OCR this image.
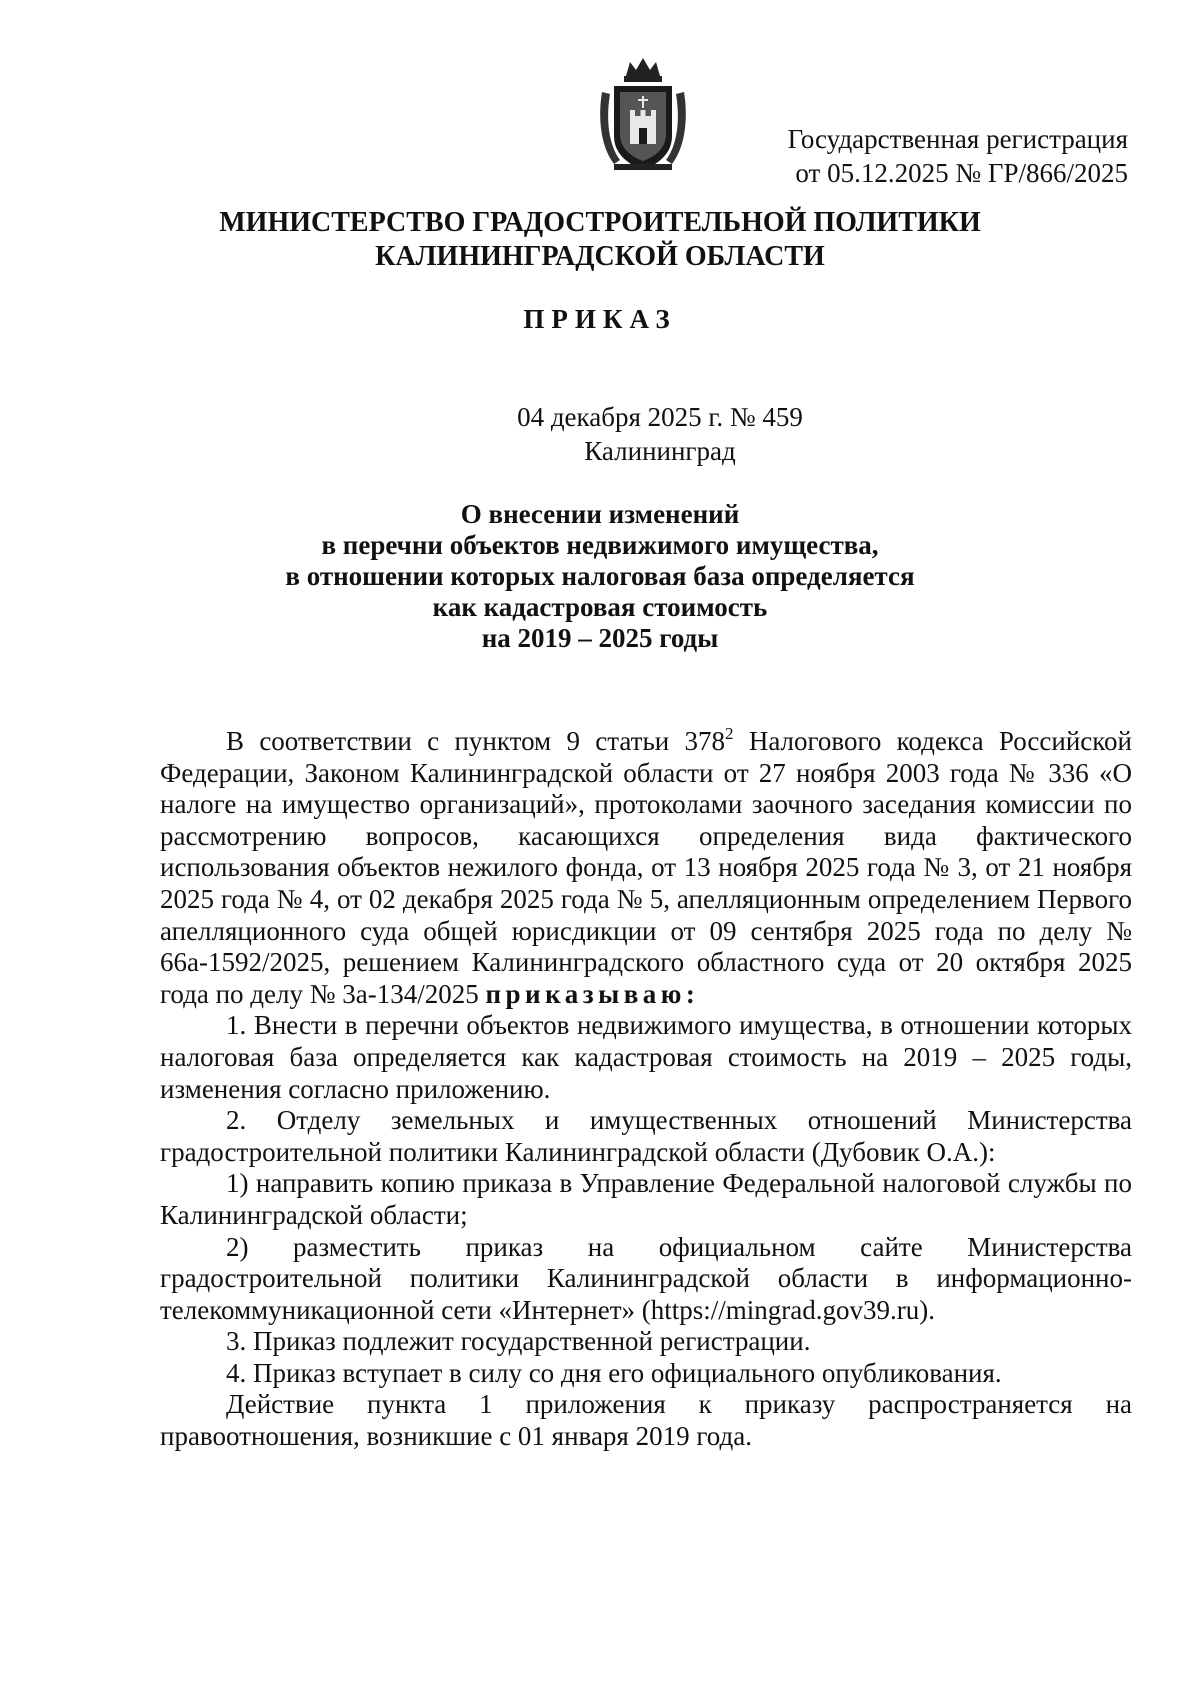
Государственная регистрация
от 05.12.2025 № ГР/866/2025
МИНИСТЕРСТВО ГРАДОСТРОИТЕЛЬНОЙ ПОЛИТИКИ
КАЛИНИНГРАДСКОЙ ОБЛАСТИ
ПРИКАЗ
04 декабря 2025 г. № 459
Калининград
О внесении изменений
в перечни объектов недвижимого имущества,
в отношении которых налоговая база определяется
как кадастровая стоимость
на 2019 – 2025 годы

В соответствии с пунктом 9 статьи $378^2$ Налогового кодекса Российской Федерации, Законом Калининградской области от 27 ноября 2003 года № 336 «О налоге на имущество организаций», протоколами заочного заседания комиссии по рассмотрению вопросов, касающихся определения вида фактического использования объектов нежилого фонда, от 13 ноября 2025 года № 3, от 21 ноября 2025 года № 4, от 02 декабря 2025 года № 5, апелляционным определением Первого апелляционного суда общей юрисдикции от 09 сентября 2025 года по делу № 66а-1592/2025, решением Калининградского областного суда от 20 октября 2025 года по делу № 3а-134/2025 приказываю:

1. Внести в перечни объектов недвижимого имущества, в отношении которых налоговая база определяется как кадастровая стоимость на 2019 – 2025 годы, изменения согласно приложению.

2. Отделу земельных и имущественных отношений Министерства градостроительной политики Калининградской области (Дубовик О.А.):

1) направить копию приказа в Управление Федеральной налоговой службы по Калининградской области;

2) разместить приказ на официальном сайте Министерства градостроительной политики Калининградской области в информационно-телекоммуникационной сети «Интернет» (https://mingrad.gov39.ru).

3. Приказ подлежит государственной регистрации.

4. Приказ вступает в силу со дня его официального опубликования.

Действие пункта 1 приложения к приказу распространяется на правоотношения, возникшие с 01 января 2019 года.
